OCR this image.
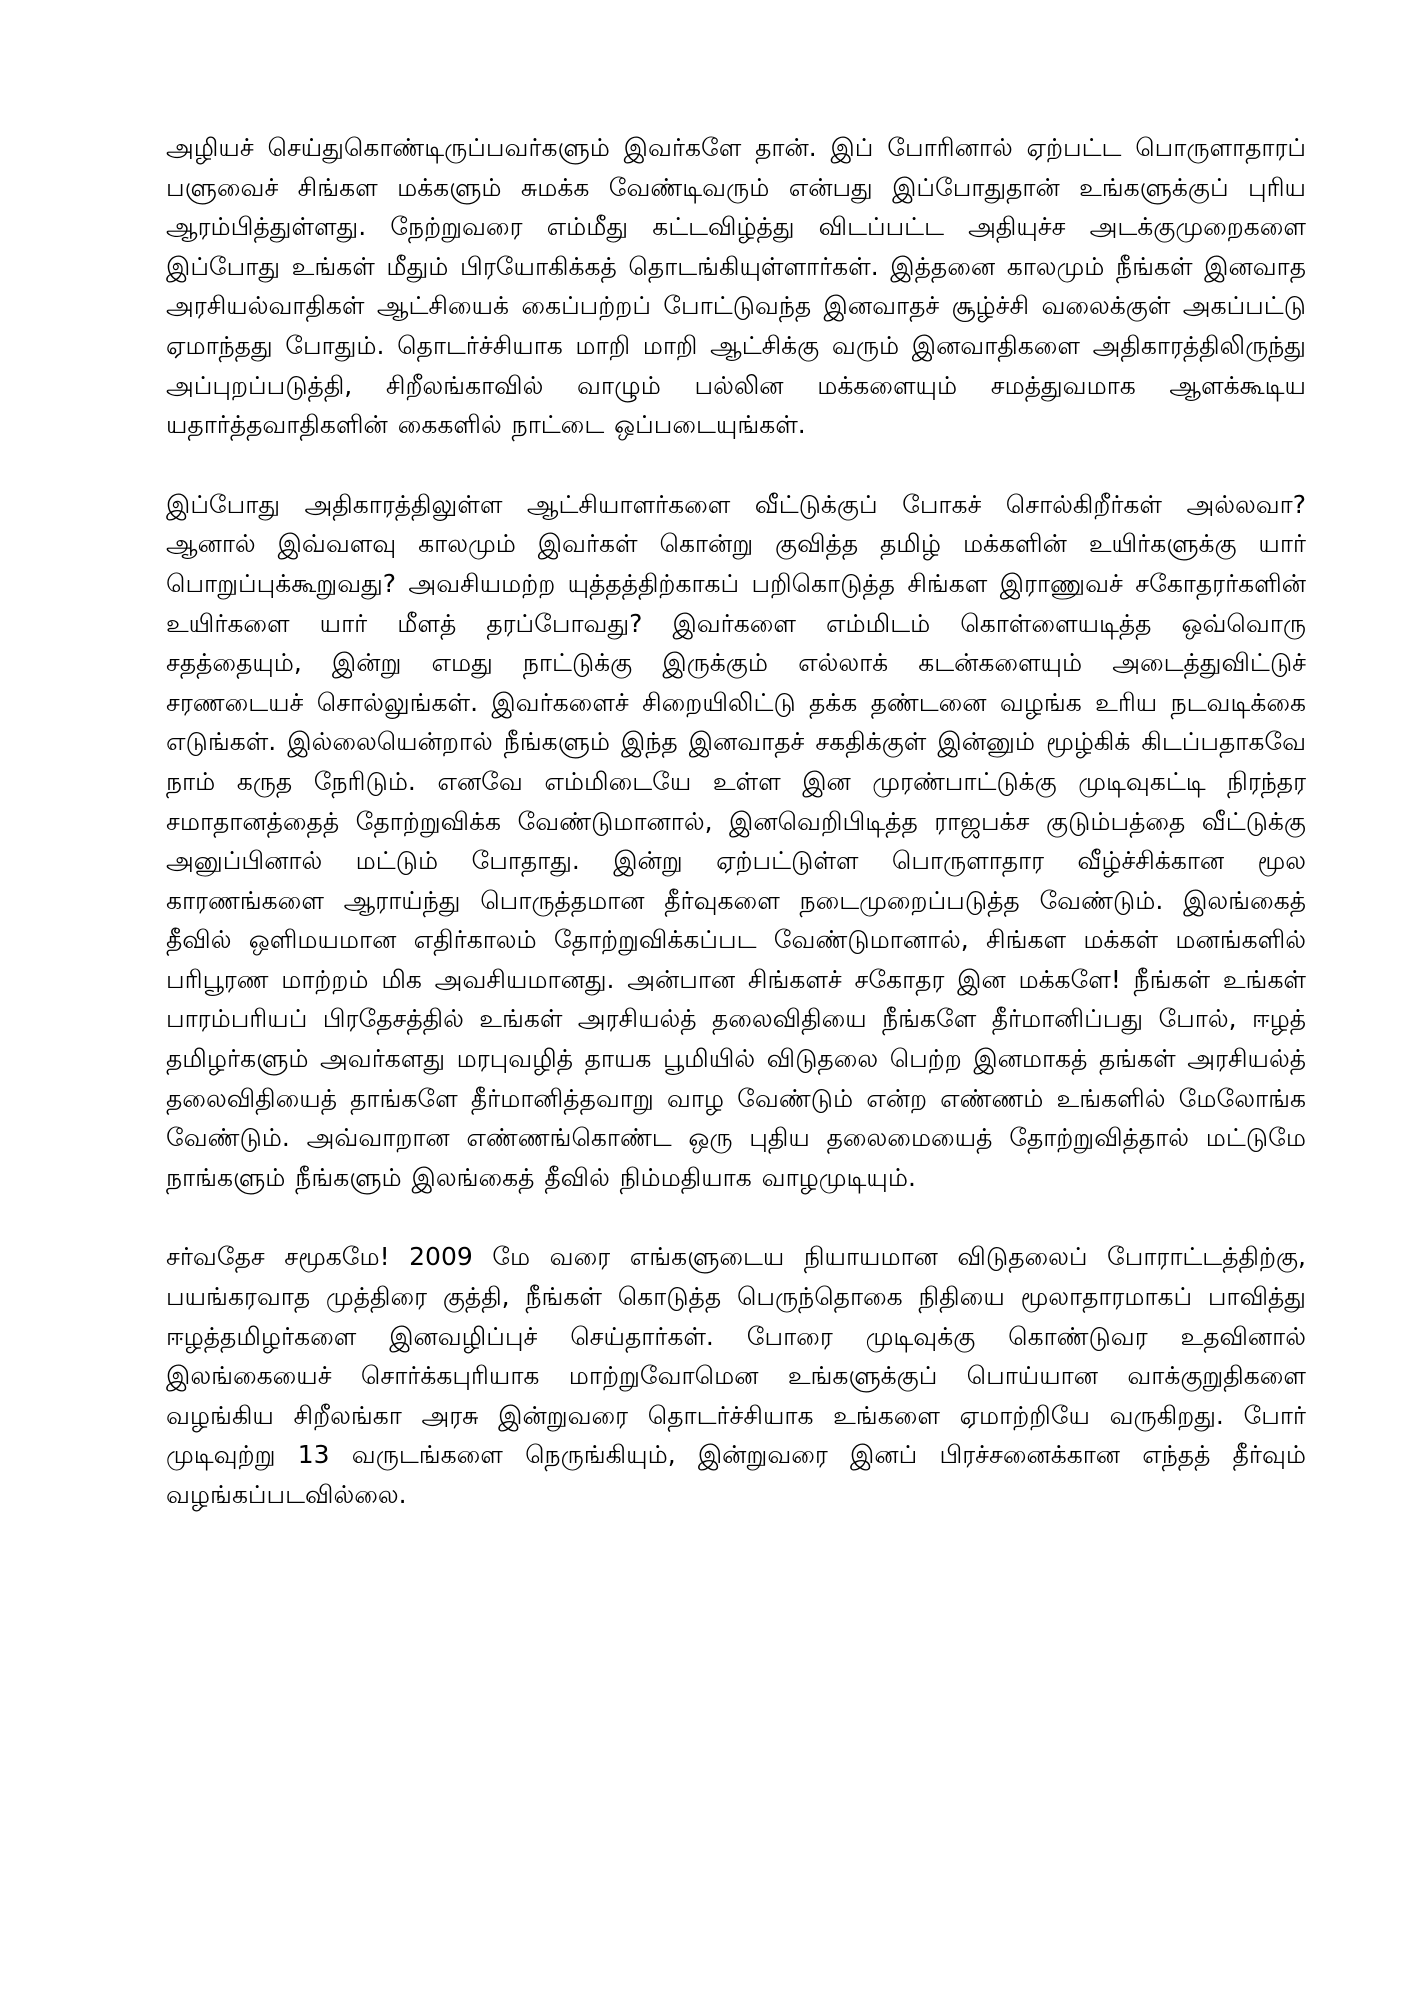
அழியச் செய்துகொண்டிருப்பவர்களும் இவர்களே தான். இப் போரினால் ஏற்பட்ட பொருளாதாரப் பளுவைச் சிங்கள மக்களும் சுமக்க வேண்டிவரும் என்பது இப்போதுதான் உங்களுக்குப் புரிய ஆரம்பித்துள்ளது. நேற்றுவரை எம்மீது கட்டவிழ்த்து விடப்பட்ட அதியுச்ச அடக்குமுறைகளை இப்போது உங்கள் மீதும் பிரயோகிக்கத் தொடங்கியுள்ளார்கள். இத்தனை காலமும் நீங்கள் இனவாத அரசியல்வாதிகள் ஆட்சியைக் கைப்பற்றப் போட்டுவந்த இனவாதச் சூழ்ச்சி வலைக்குள் அகப்பட்டு ஏமாந்தது போதும். தொடர்ச்சியாக மாறி மாறி ஆட்சிக்கு வரும் இனவாதிகளை அதிகாரத்திலிருந்து அப்புறப்படுத்தி, சிறீலங்காவில் வாழும் பல்லின மக்களையும் சமத்துவமாக ஆளக்கூடிய யதார்த்தவாதிகளின் கைகளில் நாட்டை ஒப்படையுங்கள்.

இப்போது அதிகாரத்திலுள்ள ஆட்சியாளர்களை வீட்டுக்குப் போகச் சொல்கிறீர்கள் அல்லவா? ஆனால் இவ்வளவு காலமும் இவர்கள் கொன்று குவித்த தமிழ் மக்களின் உயிர்களுக்கு யார் பொறுப்புக்கூறுவது? அவசியமற்ற யுத்தத்திற்காகப் பறிகொடுத்த சிங்கள இராணுவச் சகோதரர்களின் உயிர்களை யார் மீளத் தரப்போவது? இவர்களை எம்மிடம் கொள்ளையடித்த ஒவ்வொரு சதத்தையும், இன்று எமது நாட்டுக்கு இருக்கும் எல்லாக் கடன்களையும் அடைத்துவிட்டுச் சரணடையச் சொல்லுங்கள். இவர்களைச் சிறையிலிட்டு தக்க தண்டனை வழங்க உரிய நடவடிக்கை எடுங்கள். இல்லையென்றால் நீங்களும் இந்த இனவாதச் சகதிக்குள் இன்னும் மூழ்கிக் கிடப்பதாகவே நாம் கருத நேரிடும். எனவே எம்மிடையே உள்ள இன முரண்பாட்டுக்கு முடிவுகட்டி நிரந்தர சமாதானத்தைத் தோற்றுவிக்க வேண்டுமானால், இனவெறிபிடித்த ராஜபக்ச குடும்பத்தை வீட்டுக்கு அனுப்பினால் மட்டும் போதாது. இன்று ஏற்பட்டுள்ள பொருளாதார வீழ்ச்சிக்கான மூல காரணங்களை ஆராய்ந்து பொருத்தமான தீர்வுகளை நடைமுறைப்படுத்த வேண்டும். இலங்கைத் தீவில் ஒளிமயமான எதிர்காலம் தோற்றுவிக்கப்பட வேண்டுமானால், சிங்கள மக்கள் மனங்களில் பரிபூரண மாற்றம் மிக அவசியமானது. அன்பான சிங்களச் சகோதர இன மக்களே! நீங்கள் உங்கள் பாரம்பரியப் பிரதேசத்தில் உங்கள் அரசியல்த் தலைவிதியை நீங்களே தீர்மானிப்பது போல், ஈழத் தமிழர்களும் அவர்களது மரபுவழித் தாயக பூமியில் விடுதலை பெற்ற இனமாகத் தங்கள் அரசியல்த் தலைவிதியைத் தாங்களே தீர்மானித்தவாறு வாழ வேண்டும் என்ற எண்ணம் உங்களில் மேலோங்க வேண்டும். அவ்வாறான எண்ணங்கொண்ட ஒரு புதிய தலைமையைத் தோற்றுவித்தால் மட்டுமே நாங்களும் நீங்களும் இலங்கைத் தீவில் நிம்மதியாக வாழமுடியும்.

சர்வதேச சமூகமே! 2009 மே வரை எங்களுடைய நியாயமான விடுதலைப் போராட்டத்திற்கு, பயங்கரவாத முத்திரை குத்தி, நீங்கள் கொடுத்த பெருந்தொகை நிதியை மூலாதாரமாகப் பாவித்து ஈழத்தமிழர்களை இனவழிப்புச் செய்தார்கள். போரை முடிவுக்கு கொண்டுவர உதவினால் இலங்கையைச் சொர்க்கபுரியாக மாற்றுவோமென உங்களுக்குப் பொய்யான வாக்குறுதிகளை வழங்கிய சிறீலங்கா அரசு இன்றுவரை தொடர்ச்சியாக உங்களை ஏமாற்றியே வருகிறது. போர் முடிவுற்று 13 வருடங்களை நெருங்கியும், இன்றுவரை இனப் பிரச்சனைக்கான எந்தத் தீர்வும் வழங்கப்படவில்லை.
